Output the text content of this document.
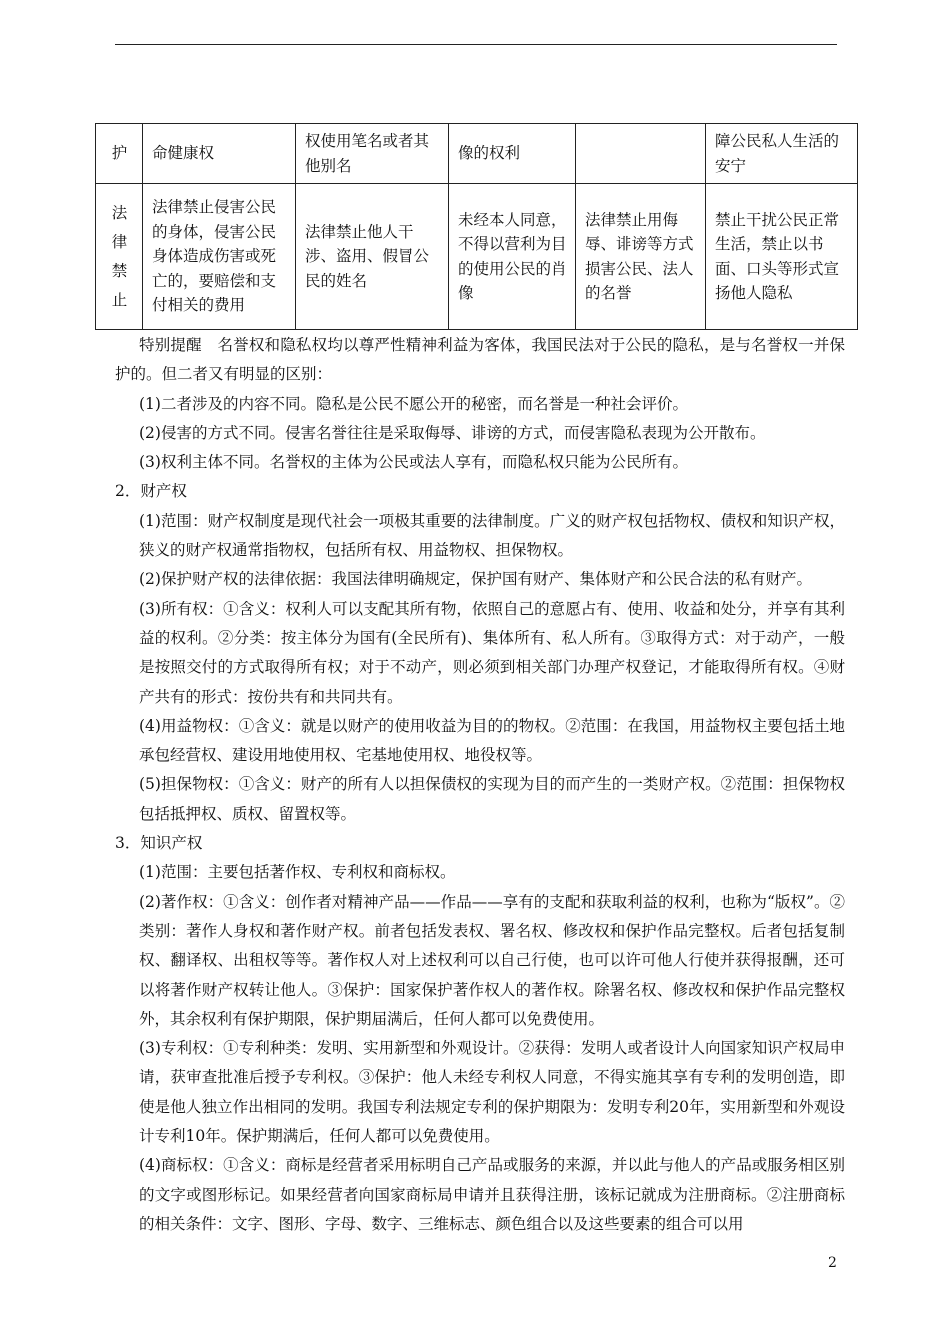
护	命健康权	权使用笔名或者其他别名	像的权利		障公民私人生活的安宁

法
律
禁
止	法律禁止侵害公民的身体，侵害公民身体造成伤害或死亡的，要赔偿和支付相关的费用	法律禁止他人干涉、盗用、假冒公民的姓名	未经本人同意，不得以营利为目的使用公民的肖像	法律禁止用侮辱、诽谤等方式损害公民、法人的名誉	禁止干扰公民正常生活，禁止以书面、口头等形式宣扬他人隐私

特别提醒　名誉权和隐私权均以尊严性精神利益为客体，我国民法对于公民的隐私，是与名誉权一并保护的。但二者又有明显的区别：

(1)二者涉及的内容不同。隐私是公民不愿公开的秘密，而名誉是一种社会评价。

(2)侵害的方式不同。侵害名誉往往是采取侮辱、诽谤的方式，而侵害隐私表现为公开散布。

(3)权利主体不同。名誉权的主体为公民或法人享有，而隐私权只能为公民所有。

2．财产权

(1)范围：财产权制度是现代社会一项极其重要的法律制度。广义的财产权包括物权、债权和知识产权，狭义的财产权通常指物权，包括所有权、用益物权、担保物权。

(2)保护财产权的法律依据：我国法律明确规定，保护国有财产、集体财产和公民合法的私有财产。

(3)所有权：①含义：权利人可以支配其所有物，依照自己的意愿占有、使用、收益和处分，并享有其利益的权利。②分类：按主体分为国有(全民所有)、集体所有、私人所有。③取得方式：对于动产，一般是按照交付的方式取得所有权；对于不动产，则必须到相关部门办理产权登记，才能取得所有权。④财产共有的形式：按份共有和共同共有。

(4)用益物权：①含义：就是以财产的使用收益为目的的物权。②范围：在我国，用益物权主要包括土地承包经营权、建设用地使用权、宅基地使用权、地役权等。

(5)担保物权：①含义：财产的所有人以担保债权的实现为目的而产生的一类财产权。②范围：担保物权包括抵押权、质权、留置权等。

3．知识产权

(1)范围：主要包括著作权、专利权和商标权。

(2)著作权：①含义：创作者对精神产品——作品——享有的支配和获取利益的权利，也称为“版权”。②类别：著作人身权和著作财产权。前者包括发表权、署名权、修改权和保护作品完整权。后者包括复制权、翻译权、出租权等等。著作权人对上述权利可以自己行使，也可以许可他人行使并获得报酬，还可以将著作财产权转让他人。③保护：国家保护著作权人的著作权。除署名权、修改权和保护作品完整权外，其余权利有保护期限，保护期届满后，任何人都可以免费使用。

(3)专利权：①专利种类：发明、实用新型和外观设计。②获得：发明人或者设计人向国家知识产权局申请，获审查批准后授予专利权。③保护：他人未经专利权人同意，不得实施其享有专利的发明创造，即使是他人独立作出相同的发明。我国专利法规定专利的保护期限为：发明专利20年，实用新型和外观设计专利10年。保护期满后，任何人都可以免费使用。

(4)商标权：①含义：商标是经营者采用标明自己产品或服务的来源，并以此与他人的产品或服务相区别的文字或图形标记。如果经营者向国家商标局申请并且获得注册，该标记就成为注册商标。②注册商标的相关条件：文字、图形、字母、数字、三维标志、颜色组合以及这些要素的组合可以用

2
